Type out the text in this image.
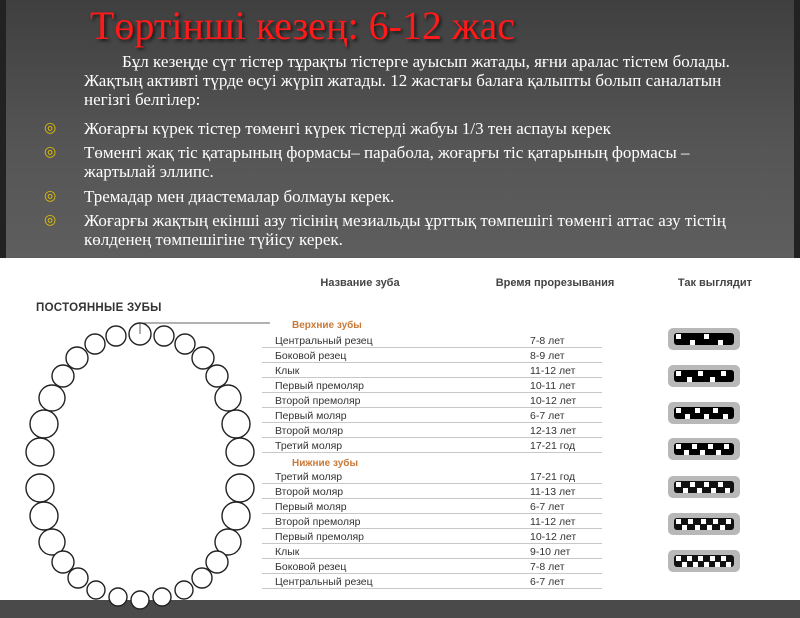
Төртінші кезең: 6-12 жас
Бұл кезеңде сүт тістер тұрақты тістерге ауысып жатады, яғни аралас тістем болады. Жақтың активті түрде өсуі жүріп жатады. 12 жастағы балаға қалыпты болып саналатын негізгі белгілер:
◎ Жоғарғы күрек тістер төменгі күрек тістерді жабуы 1/3 тен аспауы керек
◎ Төменгі жақ тіс қатарының формасы– парабола, жоғарғы тіс қатарының формасы – жартылай эллипс.
◎ Тремадар мен диастемалар болмауы керек.
◎ Жоғарғы жақтың екінші азу тісінің мезиальды ұрттық төмпешігі төменгі аттас азу тістің көлденең төмпешігіне түйісу керек.
Название зуба	Время прорезывания	Так выглядит
ПОСТОЯННЫЕ ЗУБЫ
Верхние зубы
Нижние зубы
Центральный резец	7-8 лет
Боковой резец	8-9 лет
Клык	11-12 лет
Первый премоляр	10-11 лет
Второй премоляр	10-12 лет
Первый моляр	6-7 лет
Второй моляр	12-13 лет
Третий моляр	17-21 год
Третий моляр	17-21 год
Второй моляр	11-13 лет
Первый моляр	6-7 лет
Второй премоляр	11-12 лет
Первый премоляр	10-12 лет
Клык	9-10 лет
Боковой резец	7-8 лет
Центральный резец	6-7 лет
